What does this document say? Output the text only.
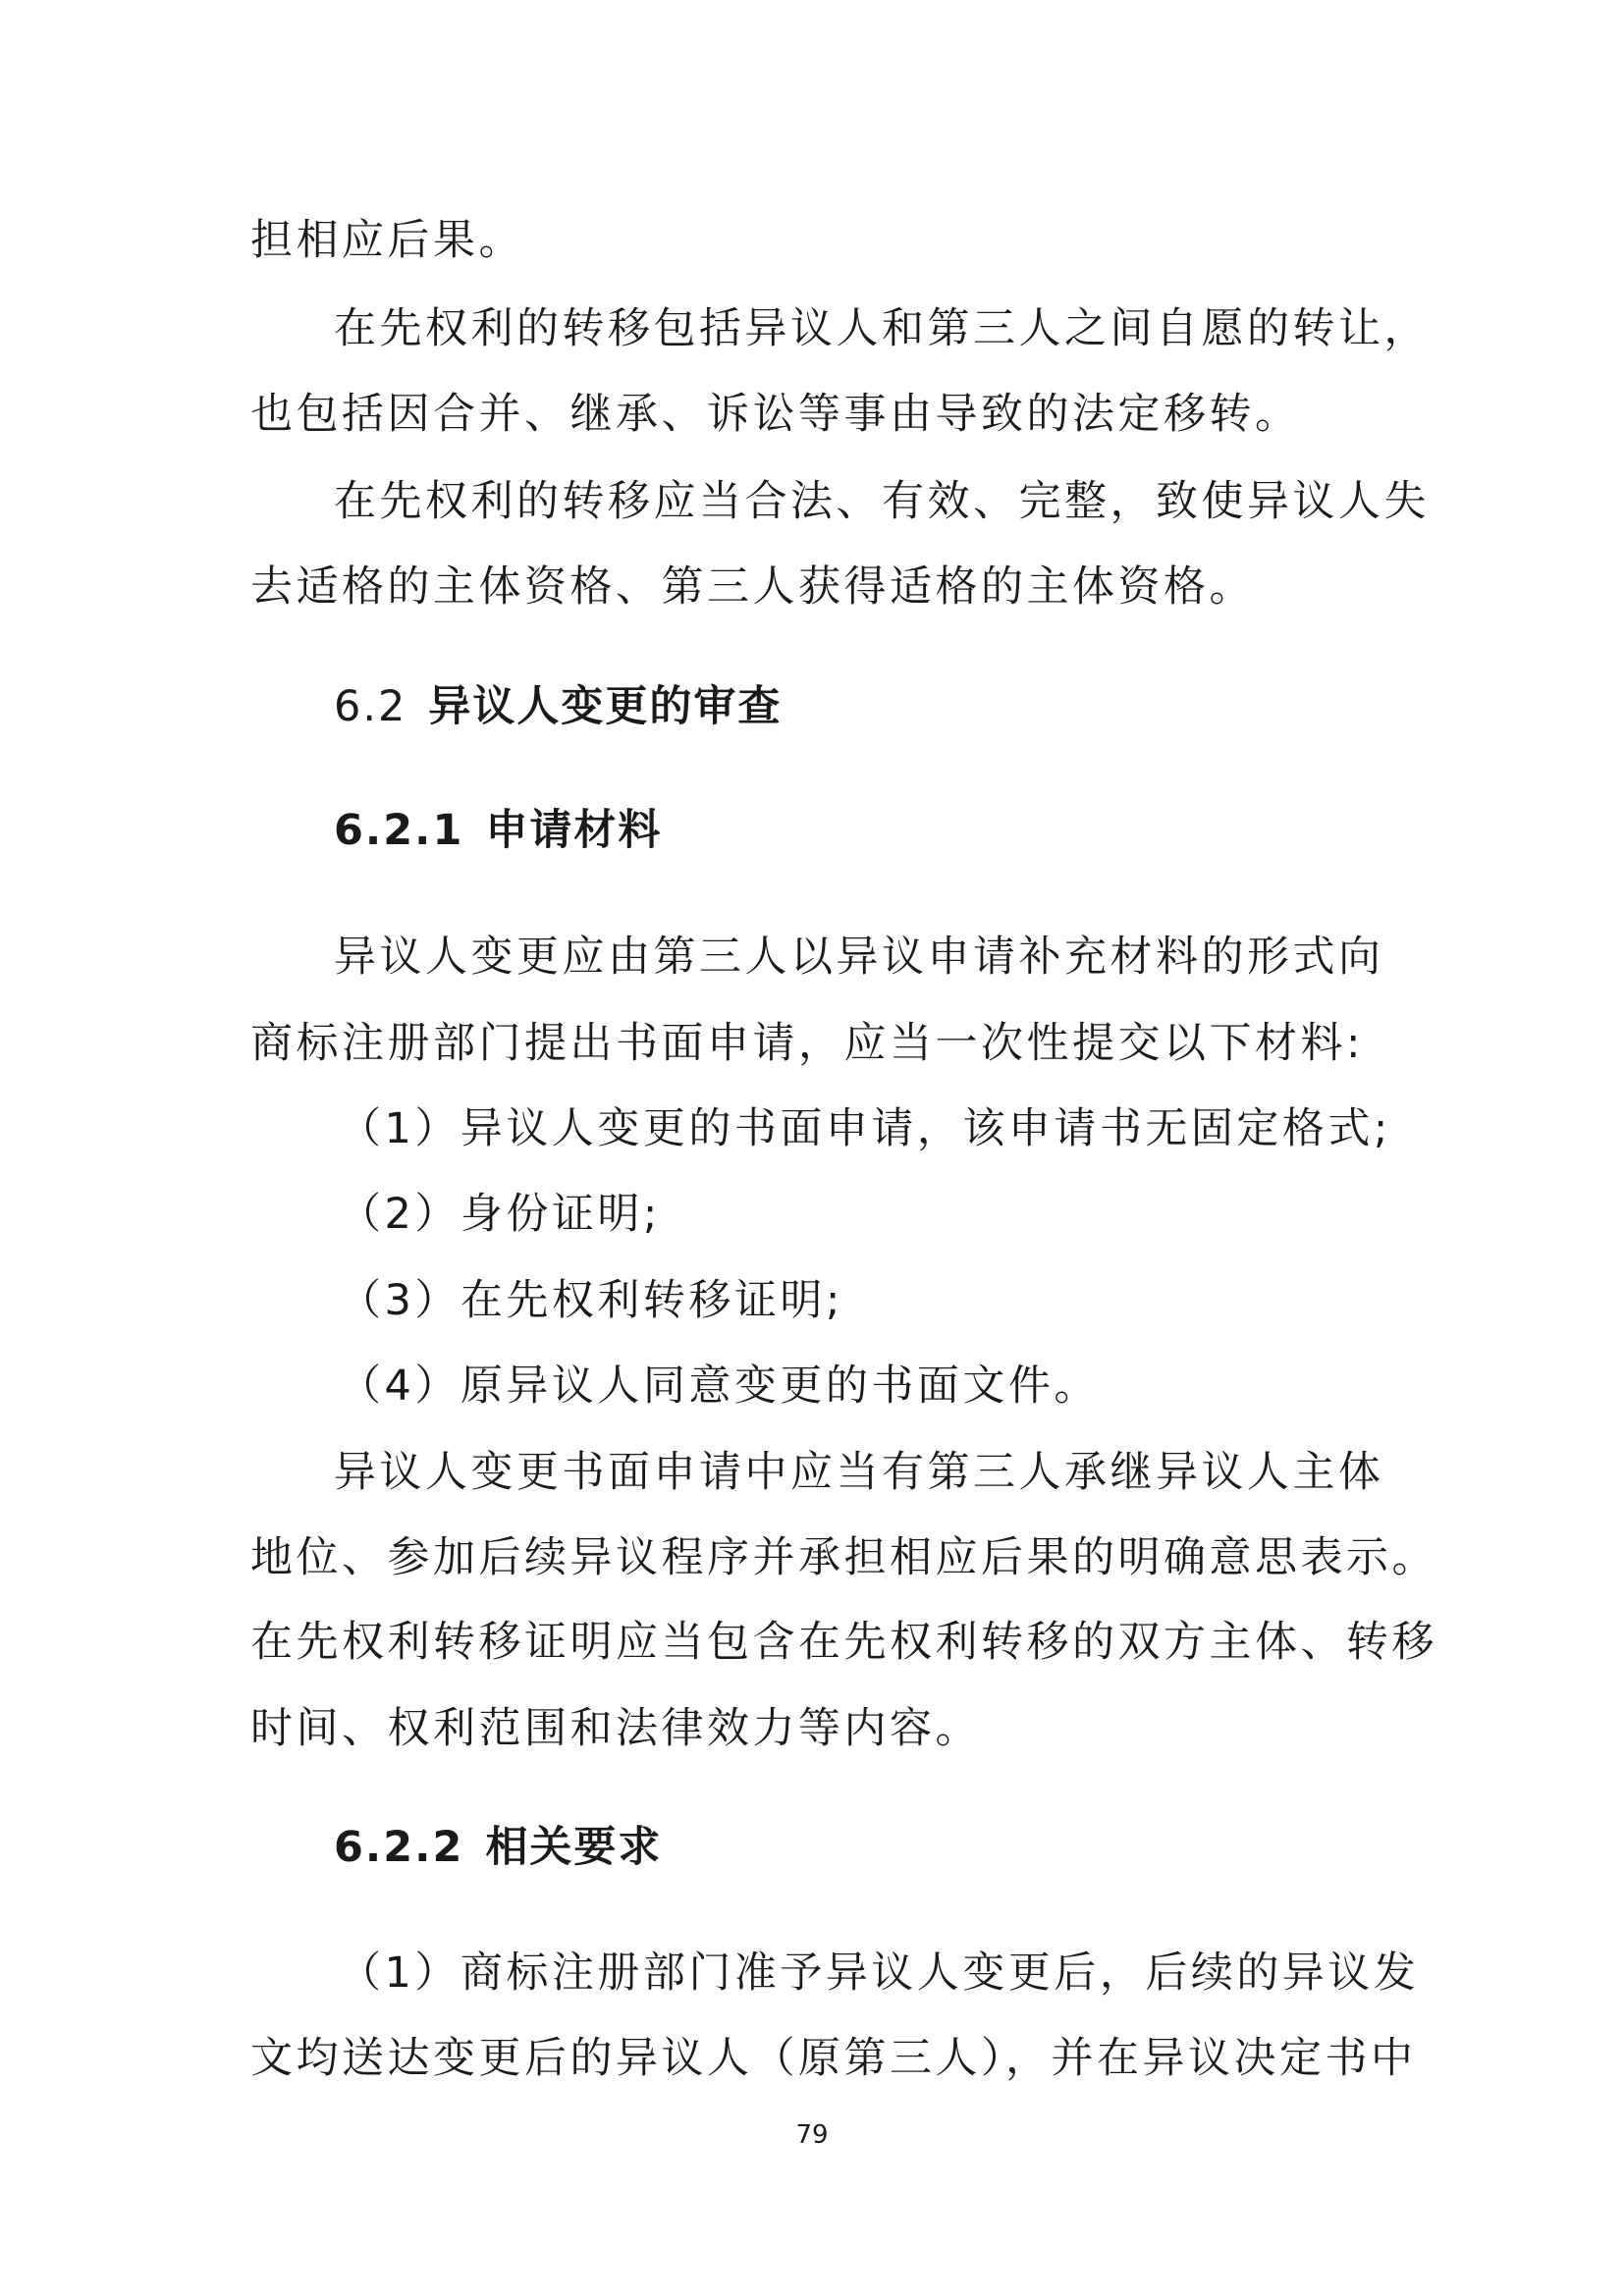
担相应后果。
在先权利的转移包括异议人和第三人之间自愿的转让，
也包括因合并、继承、诉讼等事由导致的法定移转。
在先权利的转移应当合法、有效、完整，致使异议人失
去适格的主体资格、第三人获得适格的主体资格。
6.2 异议人变更的审查
6.2.1 申请材料
异议人变更应由第三人以异议申请补充材料的形式向
商标注册部门提出书面申请，应当一次性提交以下材料:
（1）异议人变更的书面申请，该申请书无固定格式;
（2）身份证明;
（3）在先权利转移证明;
（4）原异议人同意变更的书面文件。
异议人变更书面申请中应当有第三人承继异议人主体
地位、参加后续异议程序并承担相应后果的明确意思表示。
在先权利转移证明应当包含在先权利转移的双方主体、转移
时间、权利范围和法律效力等内容。
6.2.2 相关要求
（1）商标注册部门准予异议人变更后，后续的异议发
文均送达变更后的异议人（原第三人），并在异议决定书中
79
